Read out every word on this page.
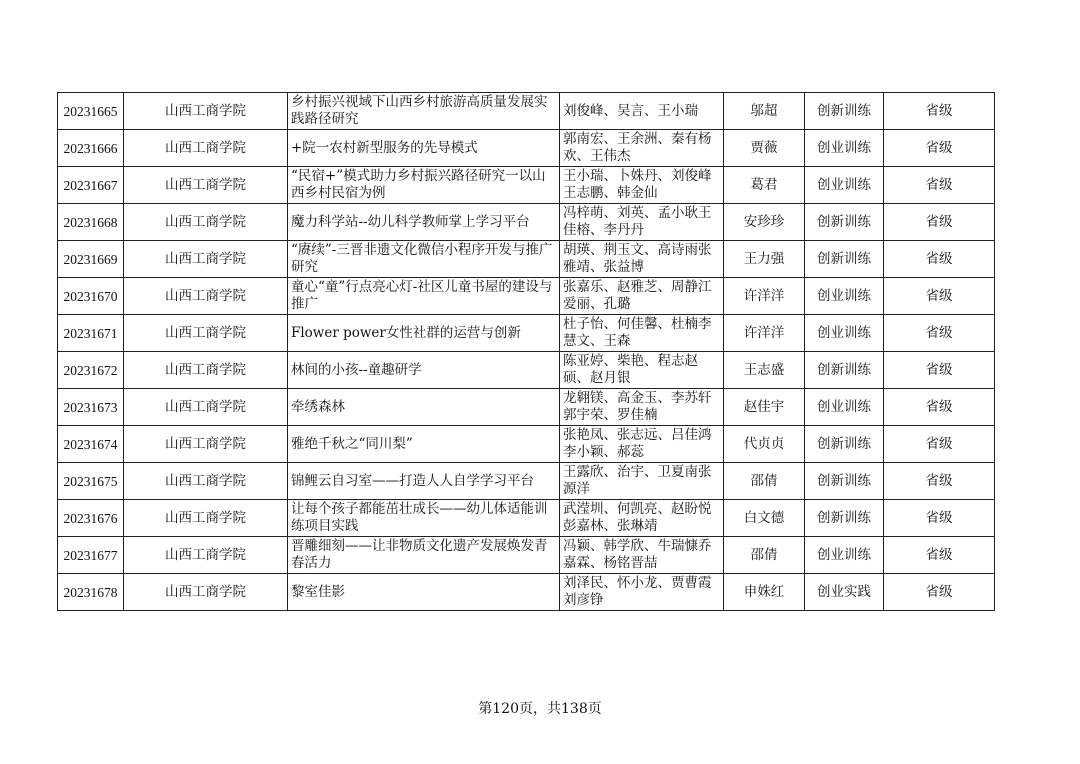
20231665	山西工商学院	乡村振兴视域下山西乡村旅游高质量发展实践路径研究	刘俊峰、吴言、王小瑞	邬超	创新训练	省级
20231666	山西工商学院	+院一农村新型服务的先导模式	郭南宏、王余洲、秦有杨欢、王伟杰	贾薇	创业训练	省级
20231667	山西工商学院	“民宿+”模式助力乡村振兴路径研究一以山西乡村民宿为例	王小瑞、卜姝丹、刘俊峰王志鹏、韩金仙	葛君	创业训练	省级
20231668	山西工商学院	魔力科学站--幼儿科学教师掌上学习平台	冯梓萌、刘英、孟小耿王佳榕、李丹丹	安珍珍	创新训练	省级
20231669	山西工商学院	“赓续”-三晋非遗文化微信小程序开发与推广研究	胡瑛、荆玉文、高诗雨张雅靖、张益博	王力强	创新训练	省级
20231670	山西工商学院	童心“童”行点亮心灯-社区儿童书屋的建设与推广	张嘉乐、赵雅芝、周静江爱丽、孔璐	许洋洋	创业训练	省级
20231671	山西工商学院	Flower power女性社群的运营与创新	杜子怡、何佳馨、杜楠李慧文、王森	许洋洋	创业训练	省级
20231672	山西工商学院	林间的小孩--童趣研学	陈亚婷、柴艳、程志赵硕、赵月银	王志盛	创新训练	省级
20231673	山西工商学院	牵绣森林	龙翱镁、高金玉、李苏轩郭宇荣、罗佳楠	赵佳宇	创业训练	省级
20231674	山西工商学院	雅绝千秋之“同川梨”	张艳凤、张志远、吕佳鸿李小颖、郝蕊	代贞贞	创新训练	省级
20231675	山西工商学院	锦鲤云自习室——打造人人自学学习平台	王露欣、治宇、卫夏南张源洋	邵倩	创新训练	省级
20231676	山西工商学院	让每个孩子都能茁壮成长——幼儿体适能训练项目实践	武滢圳、何凯亮、赵盼悦彭嘉林、张琳靖	白文德	创新训练	省级
20231677	山西工商学院	晋雕细刻——让非物质文化遗产发展焕发青春活力	冯颖、韩学欣、牛瑞慷乔嘉霖、杨铭晋喆	邵倩	创业训练	省级
20231678	山西工商学院	黎室佳影	刘泽民、怀小龙、贾曹霞刘彦铮	申姝红	创业实践	省级
第120页，共138页
